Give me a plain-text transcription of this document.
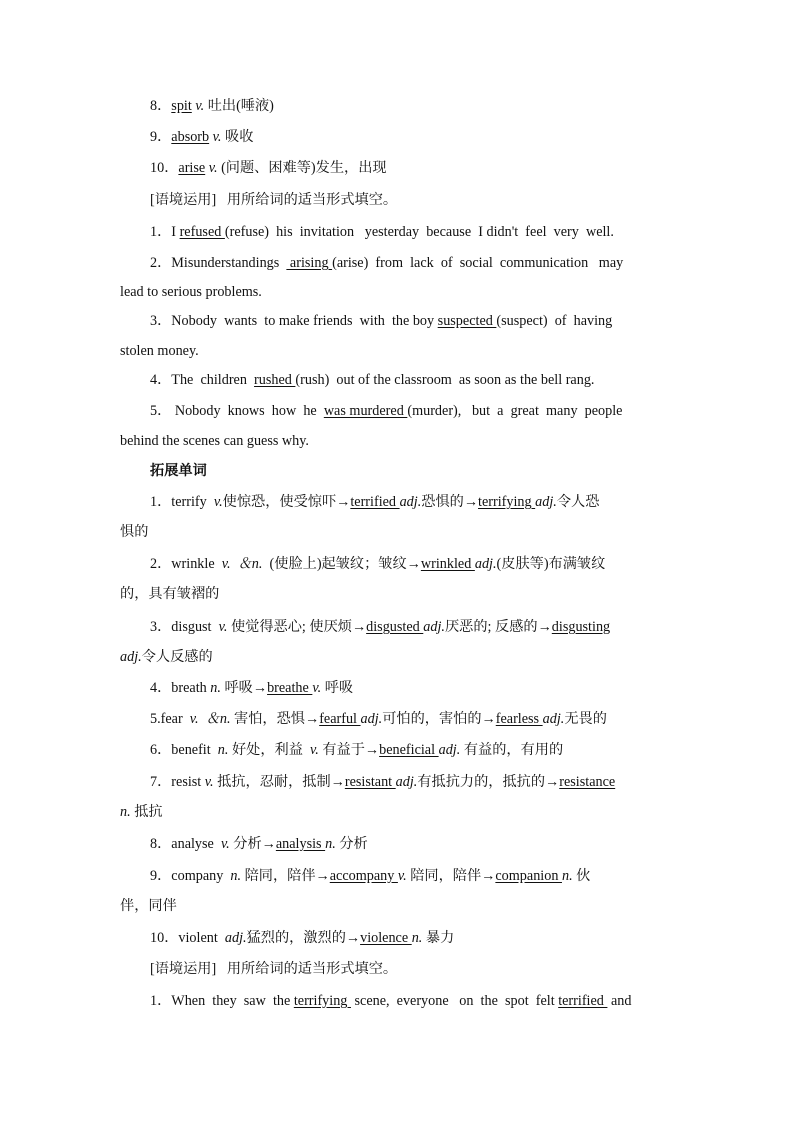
8．spit v. 吐出(唾液)
9．absorb v. 吸收
10．arise v. (问题、困难等)发生，出现
[语境运用] 用所给词的适当形式填空。
1．I refused (refuse)  his  invitation   yesterday  because  I didn't  feel  very  well.
2．Misunderstandings   arising (arise)  from  lack  of  social  communication   may
lead to serious problems.
3．Nobody  wants  to make friends  with  the boy suspected (suspect)  of  having
stolen money.
4．The  children  rushed (rush)  out of the classroom  as soon as the bell rang.
5． Nobody  knows  how  he  was murdered (murder),   but  a  great  many  people
behind the scenes can guess why.
拓展单词
1．terrify v.使惊恐，使受惊吓→terrified adj.恐惧的→terrifying adj.令人恐
惧的
2．wrinkle v.  ＆n. (使脸上)起皱纹；皱纹→wrinkled adj.(皮肤等)布满皱纹
的，具有皱褶的
3．disgust v. 使觉得恶心; 使厌烦→disgusted adj.厌恶的; 反感的→disgusting
adj.令人反感的
4．breath n. 呼吸→breathe v. 呼吸
5.fear v.  ＆n. 害怕，恐惧→fearful adj.可怕的，害怕的→fearless adj.无畏的
6．benefit n. 好处，利益 v. 有益于→beneficial adj. 有益的，有用的
7．resist v. 抵抗，忍耐，抵制→resistant adj.有抵抗力的，抵抗的→resistance
n. 抵抗
8．analyse v. 分析→analysis n. 分析
9．company n. 陪同，陪伴→accompany v. 陪同，陪伴→companion n. 伙
伴，同伴
10．violent adj.猛烈的，激烈的→violence n. 暴力
[语境运用] 用所给词的适当形式填空。
1．When  they  saw  the terrifying  scene,  everyone   on  the  spot  felt terrified  and
